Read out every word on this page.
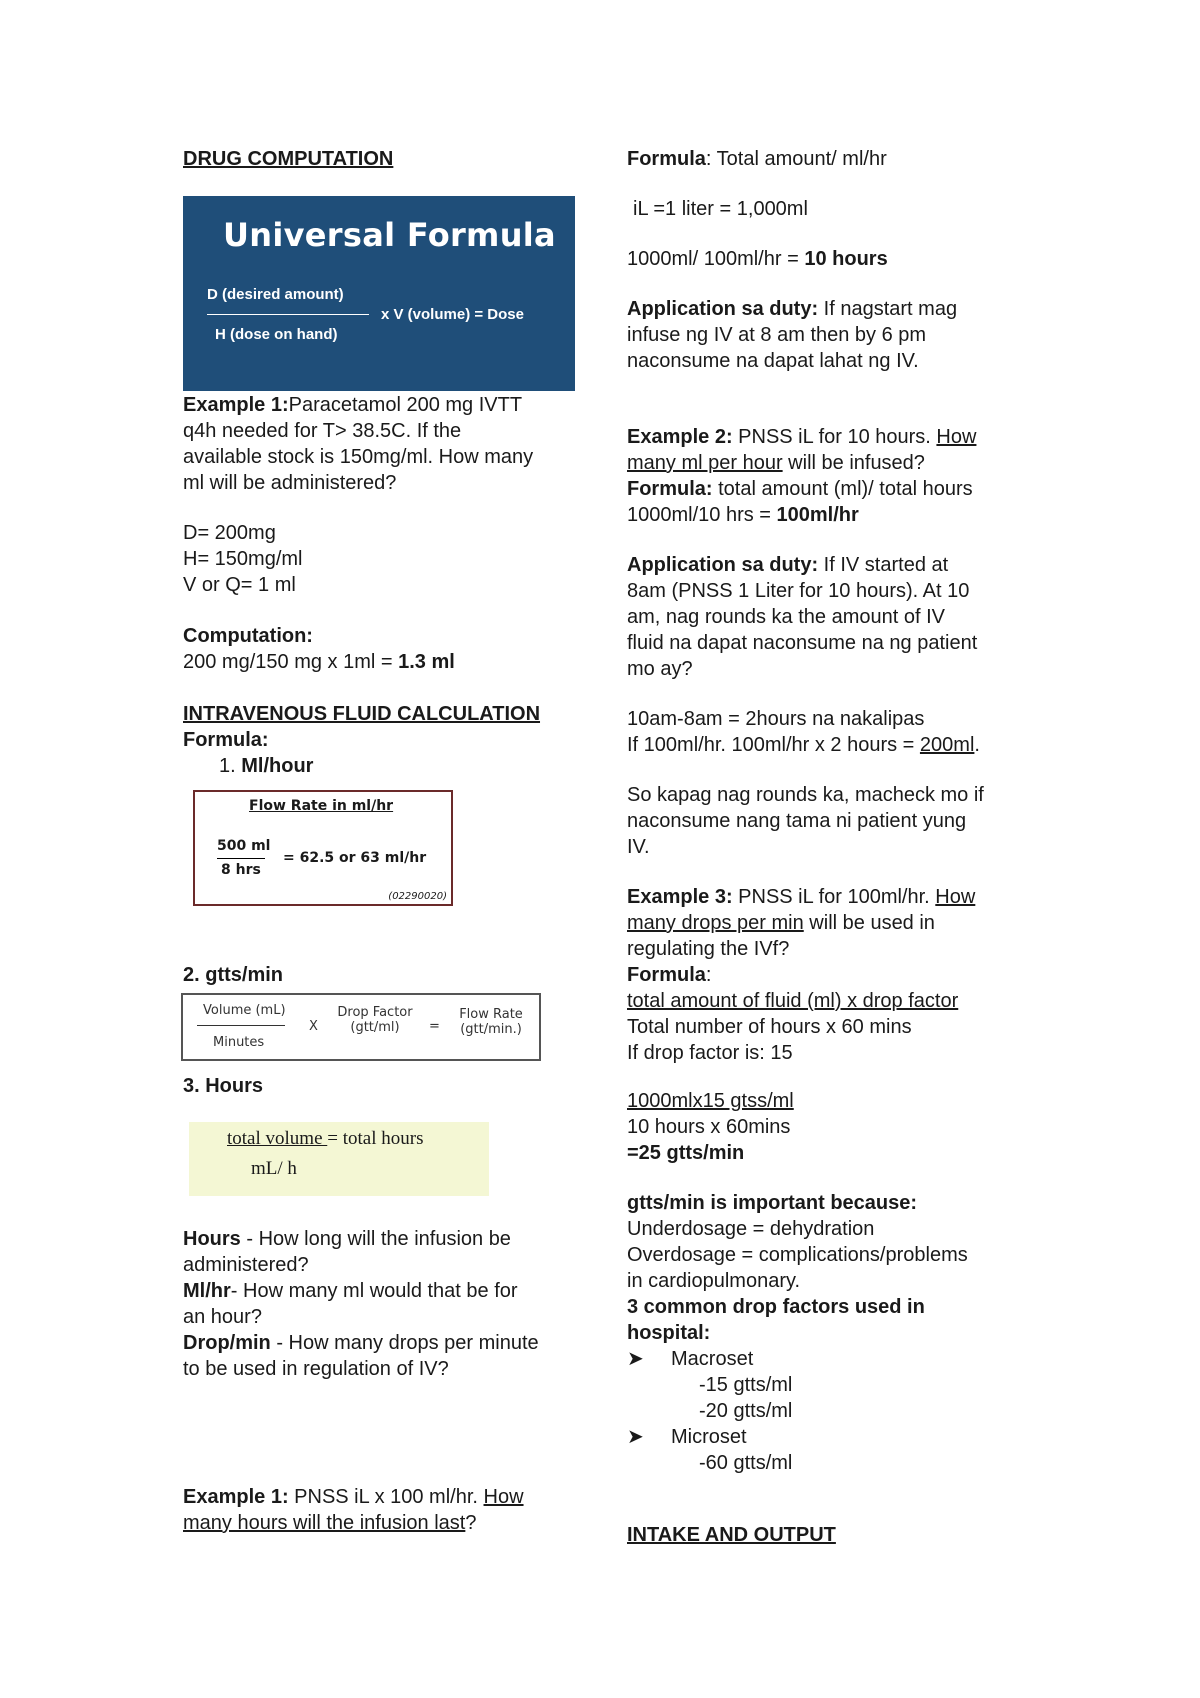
DRUG COMPUTATION
Example 1:Paracetamol 200 mg IVTT
q4h needed for T> 38.5C. If the
available stock is 150mg/ml. How many
ml will be administered?
D= 200mg
H= 150mg/ml
V or Q= 1 ml
Computation:
200 mg/150 mg x 1ml = 1.3 ml
INTRAVENOUS FLUID CALCULATION
Formula:
1. Ml/hour
2. gtts/min
3. Hours
Hours - How long will the infusion be
administered?
Ml/hr- How many ml would that be for
an hour?
Drop/min - How many drops per minute
to be used in regulation of IV?
Example 1: PNSS iL x 100 ml/hr. How
many hours will the infusion last?
Universal Formula
D (desired amount)
H (dose on hand)
x V (volume) = Dose
Flow Rate in ml/hr
500 ml
8 hrs
= 62.5 or 63 ml/hr
(02290020)
Volume (mL)
Minutes
X
Drop Factor
(gtt/ml)	=
Flow Rate
(gtt/min.)
total volume = total hours
mL/ h
Formula: Total amount/ ml/hr
iL =1 liter = 1,000ml
1000ml/ 100ml/hr = 10 hours
Application sa duty: If nagstart mag
infuse ng IV at 8 am then by 6 pm
naconsume na dapat lahat ng IV.
Example 2: PNSS iL for 10 hours. How
many ml per hour will be infused?
Formula: total amount (ml)/ total hours
1000ml/10 hrs = 100ml/hr
Application sa duty: If IV started at
8am (PNSS 1 Liter for 10 hours). At 10
am, nag rounds ka the amount of IV
fluid na dapat naconsume na ng patient
mo ay?
10am-8am = 2hours na nakalipas
If 100ml/hr. 100ml/hr x 2 hours = 200ml.
So kapag nag rounds ka, macheck mo if
naconsume nang tama ni patient yung
IV.
Example 3: PNSS iL for 100ml/hr. How
many drops per min will be used in
regulating the IVf?
Formula:
total amount of fluid (ml) x drop factor
Total number of hours x 60 mins
If drop factor is: 15
1000mlx15 gtss/ml
10 hours x 60mins
=25 gtts/min
gtts/min is important because:
Underdosage = dehydration
Overdosage = complications/problems
in cardiopulmonary.
3 common drop factors used in
hospital:
➤ Macroset
-15 gtts/ml
-20 gtts/ml
➤ Microset
-60 gtts/ml
INTAKE AND OUTPUT
